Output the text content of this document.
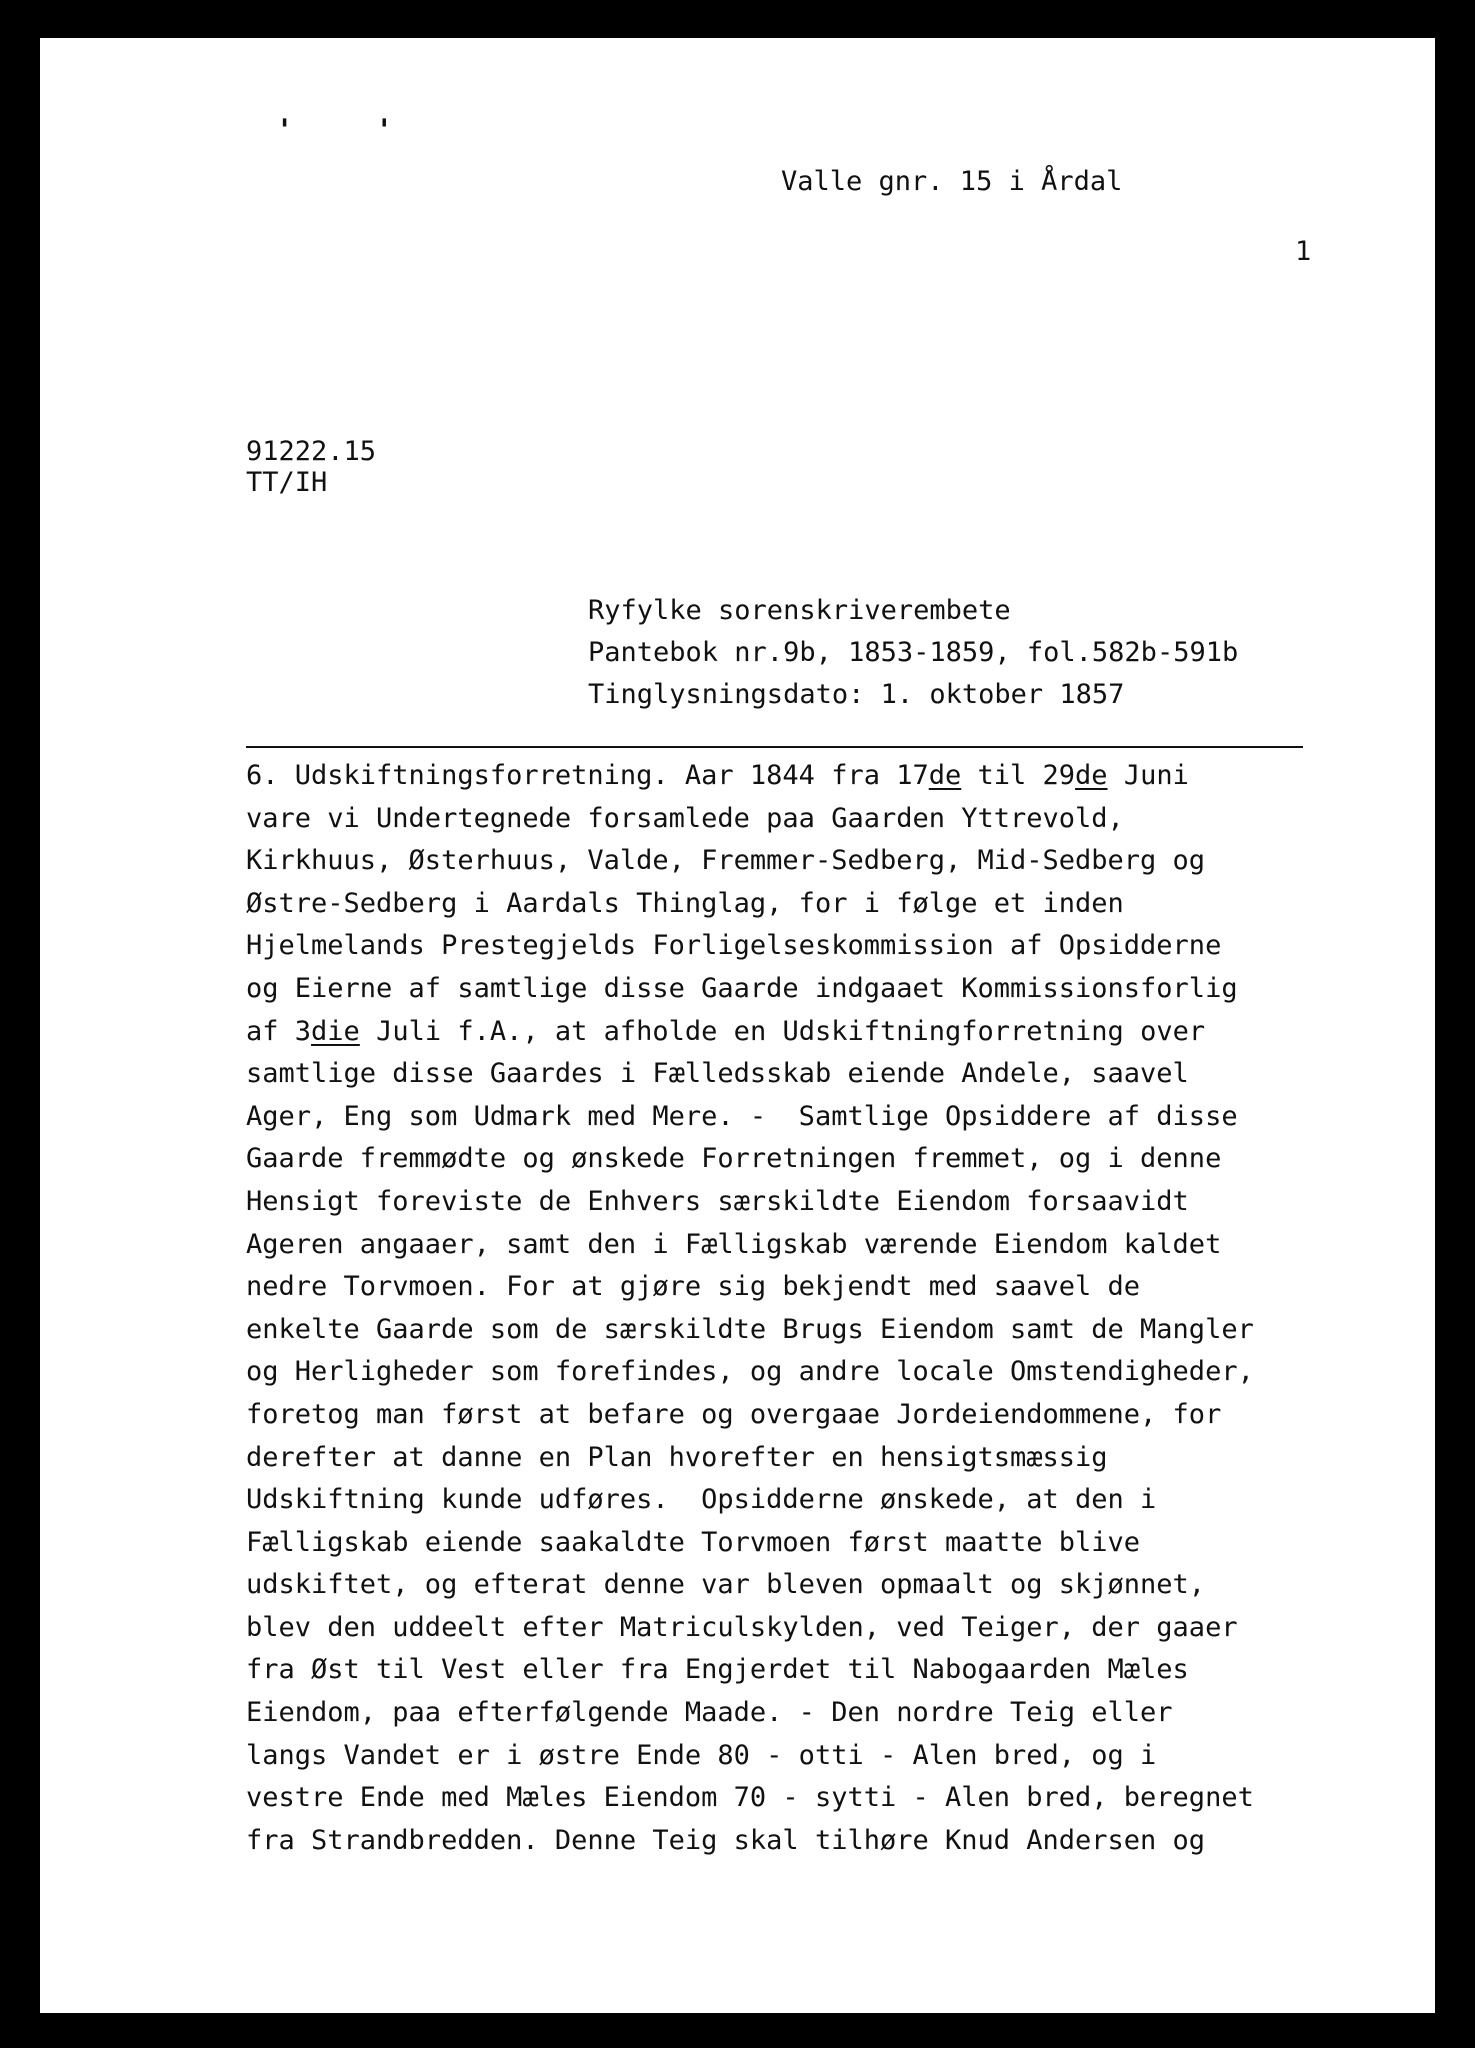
' '
Valle gnr. 15 i Årdal
1
91222.15
TT/IH
Ryfylke sorenskriverembete
Pantebok nr.9b, 1853-1859, fol.582b-591b
Tinglysningsdato: 1. oktober 1857
6. Udskiftningsforretning. Aar 1844 fra 17de til 29de Juni
vare vi Undertegnede forsamlede paa Gaarden Yttrevold,
Kirkhuus, Østerhuus, Valde, Fremmer-Sedberg, Mid-Sedberg og
Østre-Sedberg i Aardals Thinglag, for i følge et inden
Hjelmelands Prestegjelds Forligelseskommission af Opsidderne
og Eierne af samtlige disse Gaarde indgaaet Kommissionsforlig
af 3die Juli f.A., at afholde en Udskiftningforretning over
samtlige disse Gaardes i Fælledsskab eiende Andele, saavel
Ager, Eng som Udmark med Mere. -  Samtlige Opsiddere af disse
Gaarde fremmødte og ønskede Forretningen fremmet, og i denne
Hensigt foreviste de Enhvers særskildte Eiendom forsaavidt
Ageren angaaer, samt den i Fælligskab værende Eiendom kaldet
nedre Torvmoen. For at gjøre sig bekjendt med saavel de
enkelte Gaarde som de særskildte Brugs Eiendom samt de Mangler
og Herligheder som forefindes, og andre locale Omstendigheder,
foretog man først at befare og overgaae Jordeiendommene, for
derefter at danne en Plan hvorefter en hensigtsmæssig
Udskiftning kunde udføres.  Opsidderne ønskede, at den i
Fælligskab eiende saakaldte Torvmoen først maatte blive
udskiftet, og efterat denne var bleven opmaalt og skjønnet,
blev den uddeelt efter Matriculskylden, ved Teiger, der gaaer
fra Øst til Vest eller fra Engjerdet til Nabogaarden Mæles
Eiendom, paa efterfølgende Maade. - Den nordre Teig eller
langs Vandet er i østre Ende 80 - otti - Alen bred, og i
vestre Ende med Mæles Eiendom 70 - sytti - Alen bred, beregnet
fra Strandbredden. Denne Teig skal tilhøre Knud Andersen og
